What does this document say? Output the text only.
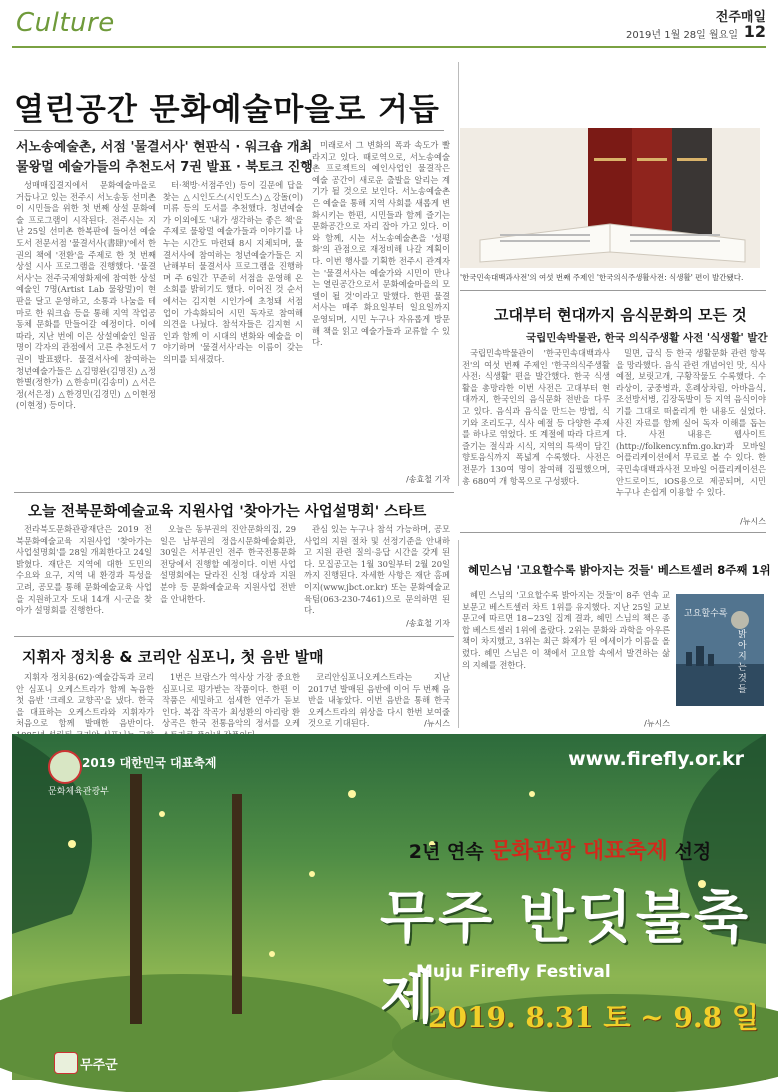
Culture	전주매일
2019년 1월 28일 월요일 12
열린공간 문화예술마을로 거듭
서노송예술촌, 서점 '물결서사' 현판식 · 워크숍 개최
물왕멀 예술가들의 추천도서 7권 발표 · 북토크 진행

성매매집결지에서 문화예술마을로 거듭나고 있는 전주시 서노송동 선미촌이 시민들을 위한 첫 번째 상설 문화예술 프로그램이 시작된다. 전주시는 지난 25일 선미촌 한복판에 들어선 예술도서 전문서점 '물결서사(書肆)'에서 한 권의 책에 '전환'을 주제로 한 첫 번째 상설 시사 프로그램을 진행했다. '물결서사'는 전주국제영화제에 참여한 상설예술인 7명(Artist Lab 물왕멀)이 현판을 달고 운영하고, 소통과 나눔을 테마로 한 워크숍 등을 통해 지역 작업공동체 문화를 만들어갈 예정이다. 이에 따라, 지난 번에 이은 상설예술인 일곱 명이 각자의 관점에서 고른 추천도서 7권이 발표됐다. 물결서사에 참여하는 청년예술가들은 △김명완(김명진) △정한별(정한가) △한송미(김송미) △서은정(서은정) △한경민(김경민) △이현정(이현정) 등이다.

터·책방·서점주인) 등이 길문에 답을 찾는 △시인도스(시인도스)△강돌(이)미류 등의 도서를 추천했다. 청년예술가 이외에도 '내가 생각하는 좋은 책'을 주제로 물왕멀 예술가들과 이야기를 나누는 시간도 마련돼 8시 지체되며, 물결서사에 참여하는 청년예술가들은 지난해부터 물결서사 프로그램을 진행하며 주 6일간 꾸준히 서점을 운영해 온 소회를 밝히기도 했다. 이어진 것 순서에서는 김지현 시인가에 초청돼 서점 업이 가속화되어 시민 독자로 참여해 의견을 나눴다. 참석자들은 김지현 시인과 함께 이 시대의 변화와 예술을 이야기하며 '물결서사'라는 이름이 갖는 의미를 되새겼다.

미래로서 그 변화의 폭과 속도가 빨라지고 있다. 때로역으로, 서노송예술촌 프로젝트의 예인사업인 물결작은 예술 공간이 새로운 출발을 알리는 계기가 될 것으로 보인다. 서노송예술촌은 예술을 통해 지역 사회를 새롭게 변화시키는 한편, 시민들과 함께 즐기는 문화공간으로 자리 잡아 가고 있다. 이와 함께, 시는 서노송예술촌을 '성평화'의 관점으로 재정비해 나갈 계획이다. 이번 행사를 기획한 전주시 관계자는 '물결서사는 예술가와 시민이 만나는 열린공간으로서 문화예술마을의 모델이 될 것'이라고 말했다. 한편 물결서사는 매주 화요일부터 일요일까지 운영되며, 시민 누구나 자유롭게 방문해 책을 읽고 예술가들과 교류할 수 있다.

/송효철 기자
'한국민속대백과사전'의 여섯 번째 주제인 '한국의식주생활사전: 식생활' 편이 발간됐다.
고대부터 현대까지 음식문화의 모든 것
국립민속박물관, 한국 의식주생활 사전 '식생활' 발간

국립민속박물관이 '한국민속대백과사전'의 여섯 번째 주제인 '한국의식주생활사전: 식생활' 편을 발간했다. 한국 식생활을 총망라한 이번 사전은 고대부터 현대까지, 한국인의 음식문화 전반을 다루고 있다. 음식과 음식을 만드는 방법, 식기와 조리도구, 식사 예절 등 다양한 주제를 하나로 엮었다. 또 계절에 따라 다르게 즐기는 절식과 시식, 지역의 특색이 담긴 향토음식까지 폭넓게 수록했다. 사전은 전문가 130여 명이 참여해 집필했으며, 총 680여 개 항목으로 구성됐다.

밀면, 급식 등 한국 생활문화 관련 항목을 망라했다. 음식 관련 개념어인 맛, 식사예절, 보릿고개, 구황작물도 수록했다. 수라상이, 궁중병과, 혼례상차림, 아바음식, 조선방서병, 김장독발이 등 지역 음식이야기를 그대로 떠올리게 한 내용도 실었다. 사진 자료를 함께 실어 독자 이해를 돕는다. 사전 내용은 웹사이트(http://folkency.nfm.go.kr)과 모바일 어플리케이션에서 무료로 볼 수 있다. 한국민속대백과사전 모바일 어플리케이션은 안드로이드, iOS용으로 제공되며, 시민 누구나 손쉽게 이용할 수 있다.

/뉴시스
오늘 전북문화예술교육 지원사업 '찾아가는 사업설명회' 스타트

전라북도문화관광재단은 2019 전북문화예술교육 지원사업 '찾아가는 사업설명회'를 28일 개최한다고 24일 밝혔다. 재단은 지역에 대한 도민의 수요와 요구, 지역 내 환경과 특성을 고려, 공모를 통해 문화예술교육 사업을 지원하고자 도내 14개 시·군을 찾아가 설명회를 진행한다.

오늘은 동부권의 진안문화의집, 29일은 남부권의 정읍시문화예술회관, 30일은 서부권인 전주 한국전통문화전당에서 진행할 예정이다. 이번 사업설명회에는 달라진 신청 대상과 지원 분야 등 문화예술교육 지원사업 전반을 안내한다.

관심 있는 누구나 참석 가능하며, 공모사업의 지원 절차 및 선정기준을 안내하고 지원 관련 질의·응답 시간을 갖게 된다. 모집공고는 1월 30일부터 2월 20일까지 진행된다. 자세한 사항은 재단 홈페이지(www.jbct.or.kr) 또는 문화예술교육팀(063-230-7461)으로 문의하면 된다.

/송효철 기자
지휘자 정치용 & 코리안 심포니, 첫 음반 발매

지휘자 정치용(62)·예술감독과 코리안 심포니 오케스트라가 함께 녹음한 첫 음반 '크레오 교향곡'을 냈다. 한국을 대표하는 오케스트라와 지휘자가 처음으로 함께 발매한 음반이다.

1번은 브람스가 역사상 가장 중요한 심포니로 평가받는 작품이다. 한편 이 작품은 세밀하고 섬세한 연주가 돋보인다. 복잡 작곡가 최성환의 아리랑 환상곡은 한국 전통음악의 정서를 오케

코리안심포니오케스트라는 지난 2017년 발매된 음반에 이어 두 번째 음반을 내놓았다. 이번 음반을 통해 한국 오케스트라의 위상을 다시 한번 보여줄 것으로 기대된다.	/뉴시스
혜민스님 '고요할수록 밝아지는 것들' 베스트셀러 8주째 1위

혜민 스님의 '고요할수록 밝아지는 것들'이 8주 연속 교보문고 베스트셀러 차트 1위를 유지했다. 지난 25일 교보문고에 따르면 18~23일 집계 결과, 혜민 스님의 책은 종합 베스트셀러 1위에 올랐다. 2위는 문화와 과학을 아우른 책이 차지했고, 3위는 최근 화제가 된 에세이가 이름을 올렸다. 혜민 스님은 이 책에서 고요함 속에서 발견하는 삶의 지혜를 전한다.

/뉴시스
고요할수록
밝아지는 것들
2019 대한민국 대표축제
문화체육관광부
www.firefly.or.kr
2년 연속 문화관광 대표축제 선정
무주 반딧불축제
Muju Firefly Festival
2019. 8.31 토 ~ 9.8 일
무주군
